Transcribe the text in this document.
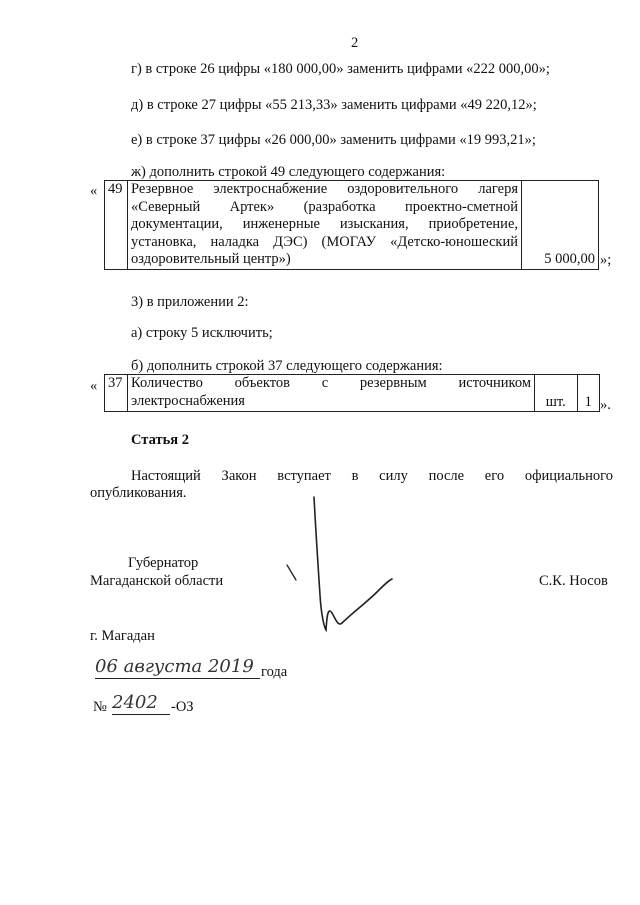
2
г) в строке 26 цифры «180 000,00» заменить цифрами «222 000,00»;
д) в строке 27 цифры «55 213,33» заменить цифрами «49 220,12»;
е) в строке 37 цифры «26 000,00» заменить цифрами «19 993,21»;
ж) дополнить строкой 49 следующего содержания:
« 49	Резервное электроснабжение оздоровительного лагеря
«Северный Артек» (разработка проектно-сметной
документации, инженерные изыскания, приобретение,
установка, наладка ДЭС) (МОГАУ «Детско-юношеский
оздоровительный центр»)	5 000,00 »;
3) в приложении 2:
а) строку 5 исключить;
б) дополнить строкой 37 следующего содержания:
« 37	Количество объектов с резервным источником
электроснабжения	шт.	1 ».
Статья 2
Настоящий Закон вступает в силу после его официального
опубликования.
Губернатор
Магаданской области	С.К. Носов
г. Магадан
06 августа 2019 года
№ 2402 -ОЗ
